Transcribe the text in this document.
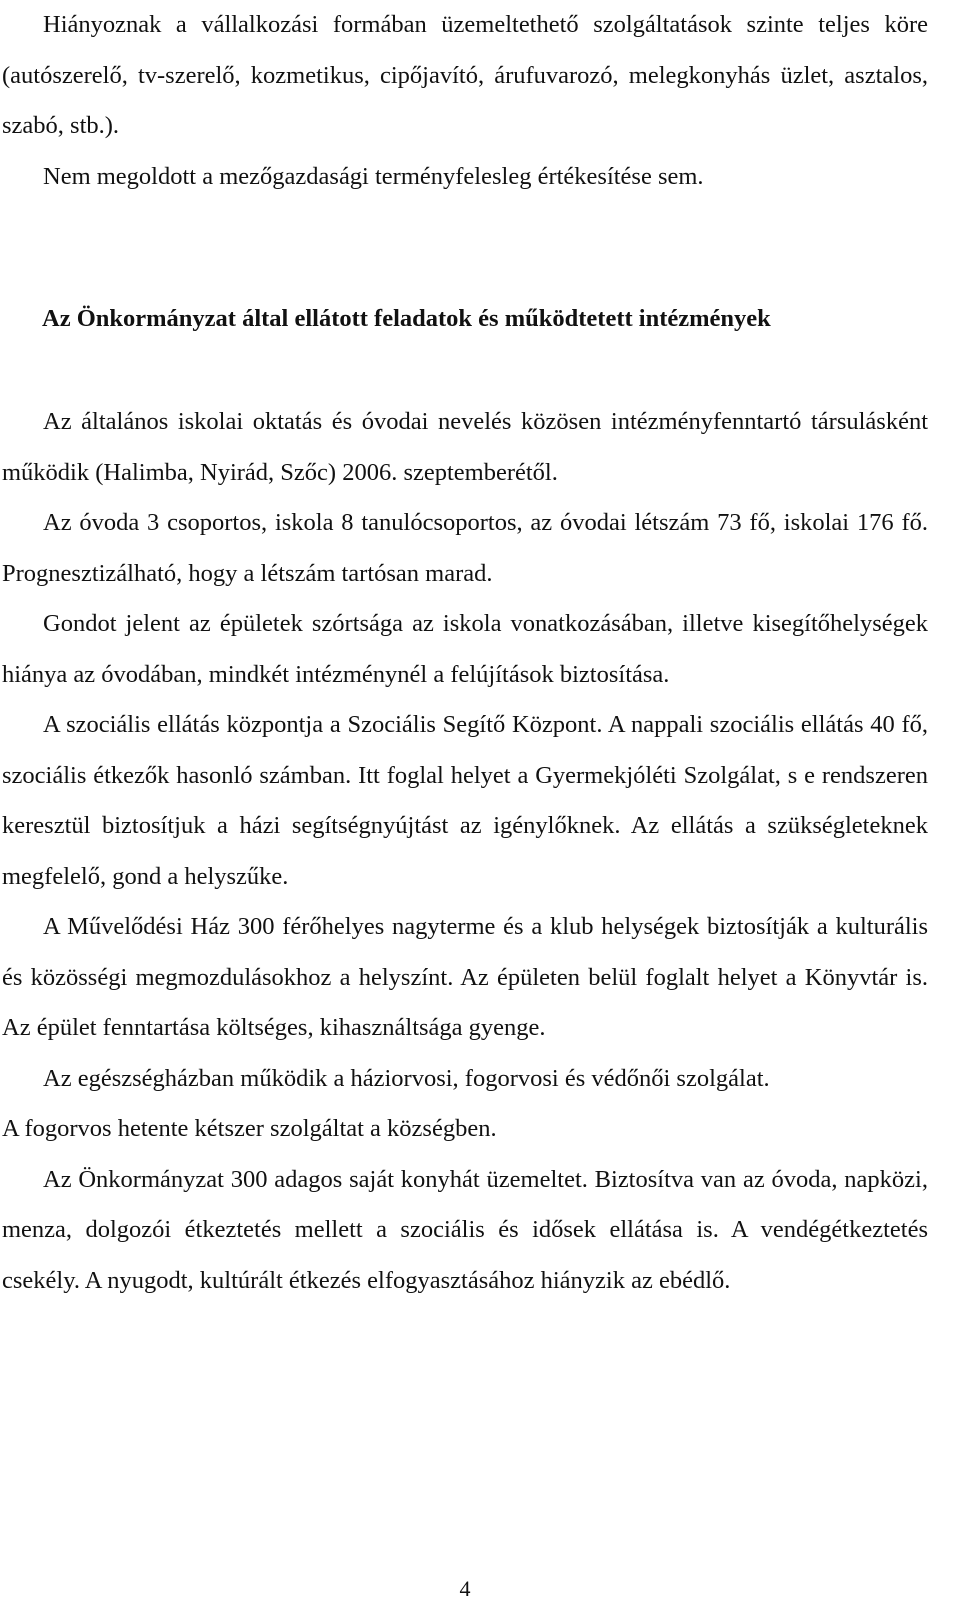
Hiányoznak a vállalkozási formában üzemeltethető szolgáltatások szinte teljes köre (autószerelő, tv-szerelő, kozmetikus, cipőjavító, árufuvarozó, melegkonyhás üzlet, asztalos, szabó, stb.).

Nem megoldott a mezőgazdasági terményfelesleg értékesítése sem.

Az Önkormányzat által ellátott feladatok és működtetett intézmények

Az általános iskolai oktatás és óvodai nevelés közösen intézményfenntartó társulásként működik (Halimba, Nyirád, Szőc) 2006. szeptemberétől.

Az óvoda 3 csoportos, iskola 8 tanulócsoportos, az óvodai létszám 73 fő, iskolai 176 fő. Prognesztizálható, hogy a létszám tartósan marad.

Gondot jelent az épületek szórtsága az iskola vonatkozásában, illetve kisegítőhelységek hiánya az óvodában, mindkét intézménynél a felújítások biztosítása.

A szociális ellátás központja a Szociális Segítő Központ. A nappali szociális ellátás 40 fő, szociális étkezők hasonló számban. Itt foglal helyet a Gyermekjóléti Szolgálat, s e rendszeren keresztül biztosítjuk a házi segítségnyújtást az igénylőknek. Az ellátás a szükségleteknek megfelelő, gond a helyszűke.

A Művelődési Ház 300 férőhelyes nagyterme és a klub helységek biztosítják a kulturális és közösségi megmozdulásokhoz a helyszínt. Az épületen belül foglalt helyet a Könyvtár is. Az épület fenntartása költséges, kihasználtsága gyenge.

Az egészségházban működik a háziorvosi, fogorvosi és védőnői szolgálat.

A fogorvos hetente kétszer szolgáltat a községben.

Az Önkormányzat 300 adagos saját konyhát üzemeltet. Biztosítva van az óvoda, napközi, menza, dolgozói étkeztetés mellett a szociális és idősek ellátása is. A vendégétkeztetés csekély. A nyugodt, kultúrált étkezés elfogyasztásához hiányzik az ebédlő.

4
